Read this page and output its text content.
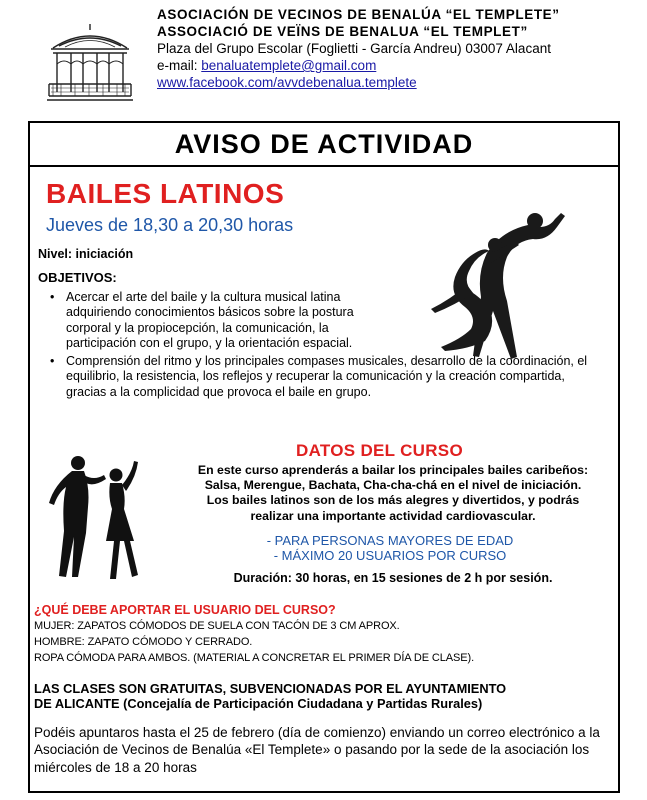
ASOCIACIÓN DE VECINOS DE BENALÚA “EL TEMPLETE”
ASSOCIACIÓ DE VEÏNS DE BENALUA “EL TEMPLET”
Plaza del Grupo Escolar (Foglietti - García Andreu) 03007 Alacant
e-mail: benaluatemplete@gmail.com
www.facebook.com/avvdebenalua.templete
AVISO DE ACTIVIDAD
BAILES LATINOS
Jueves de 18,30 a 20,30 horas
Nivel: iniciación
OBJETIVOS:
• Acercar el arte del baile y la cultura musical latina adquiriendo conocimientos básicos sobre la postura corporal y la propiocepción, la comunicación, la participación con el grupo, y la orientación espacial.
• Comprensión del ritmo y los principales compases musicales, desarrollo de la coordinación, el equilibrio, la resistencia, los reflejos y recuperar la comunicación y la creación compartida, gracias a la complicidad que provoca el baile en grupo.
DATOS DEL CURSO
En este curso aprenderás a bailar los principales bailes caribeños:
Salsa, Merengue, Bachata, Cha-cha-chá en el nivel de iniciación.
Los bailes latinos son de los más alegres y divertidos, y podrás
realizar una importante actividad cardiovascular.
- PARA PERSONAS MAYORES DE EDAD
- MÁXIMO 20 USUARIOS POR CURSO
Duración: 30 horas, en 15 sesiones de 2 h por sesión.
¿QUÉ DEBE APORTAR EL USUARIO DEL CURSO?
MUJER: ZAPATOS CÓMODOS DE SUELA CON TACÓN DE 3 CM APROX.
HOMBRE: ZAPATO CÓMODO Y CERRADO.
ROPA CÓMODA PARA AMBOS. (MATERIAL A CONCRETAR EL PRIMER DÍA DE CLASE).
LAS CLASES SON GRATUITAS, SUBVENCIONADAS POR EL AYUNTAMIENTO
DE ALICANTE (Concejalía de Participación Ciudadana y Partidas Rurales)
Podéis apuntaros hasta el 25 de febrero (día de comienzo) enviando un correo electrónico a la Asociación de Vecinos de Benalúa «El Templete» o pasando por la sede de la asociación los miércoles de 18 a 20 horas
